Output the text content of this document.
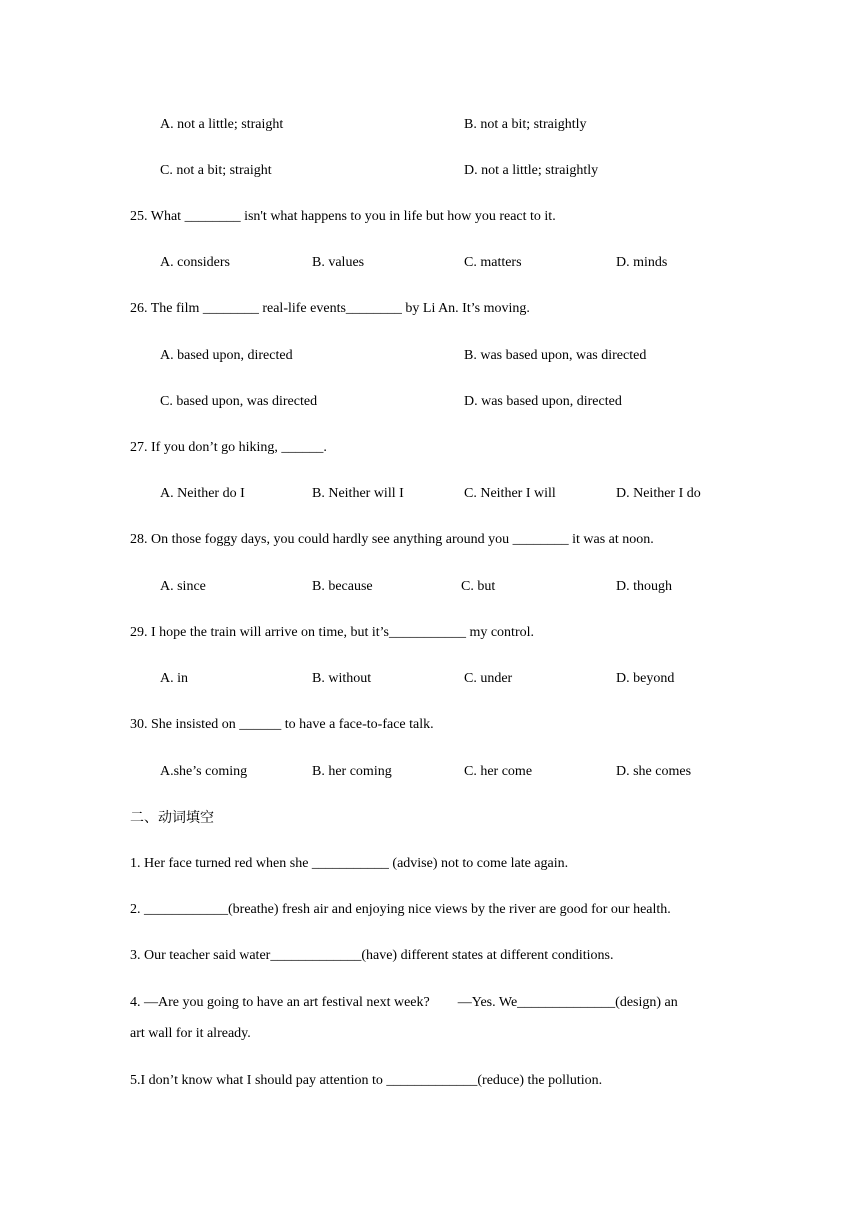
A. not a little; straight	B. not a bit; straightly
C. not a bit; straight	D. not a little; straightly
25. What ________ isn't what happens to you in life but how you react to it.
A. considers	B. values	C. matters	D. minds
26. The film ________ real-life events________ by Li An. It’s moving.
A. based upon, directed	B. was based upon, was directed
C. based upon, was directed	D. was based upon, directed
27. If you don’t go hiking, ______.
A. Neither do I	B. Neither will I	C. Neither I will	D. Neither I do
28. On those foggy days, you could hardly see anything around you ________ it was at noon.
A. since	B. because	C. but	D. though
29. I hope the train will arrive on time, but it’s___________ my control.
A. in	B. without	C. under	D. beyond
30. She insisted on ______ to have a face-to-face talk.
A.she’s coming	B. her coming	C. her come	D. she comes
二、动词填空
1. Her face turned red when she ___________ (advise) not to come late again.
2. ____________(breathe) fresh air and enjoying nice views by the river are good for our health.
3. Our teacher said water_____________(have) different states at different conditions.
4. —Are you going to have an art festival next week?        —Yes. We______________(design) an
art wall for it already.
5.I don’t know what I should pay attention to _____________(reduce) the pollution.
